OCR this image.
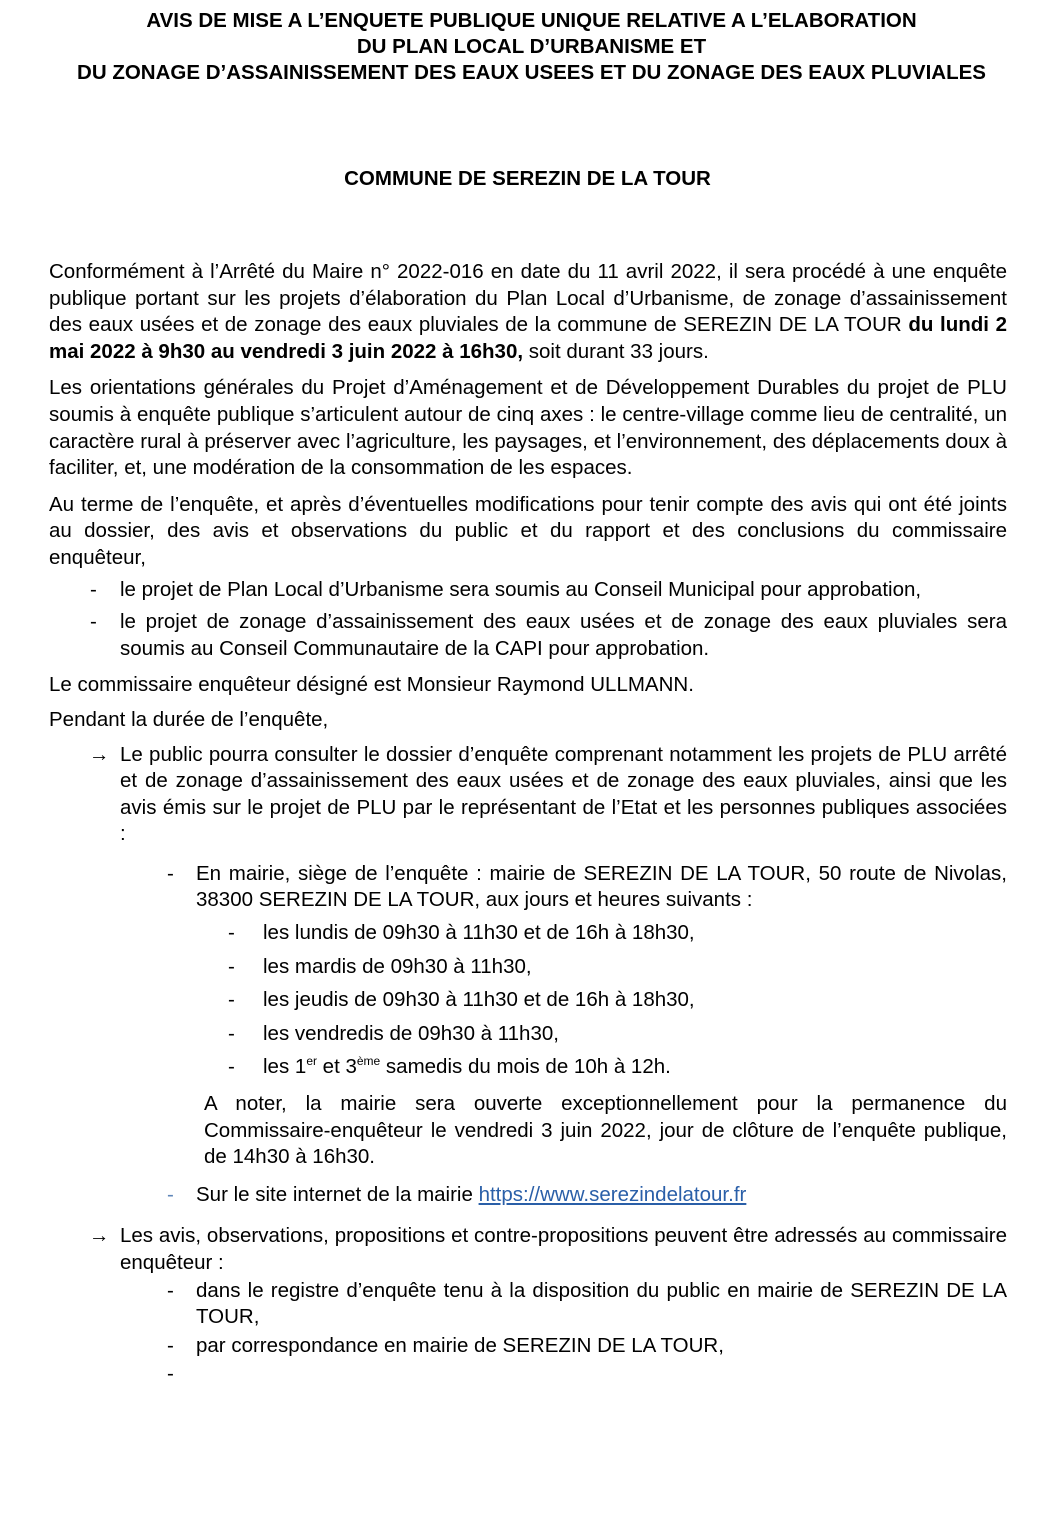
AVIS DE MISE A L’ENQUETE PUBLIQUE UNIQUE RELATIVE A L’ELABORATION
DU PLAN LOCAL D’URBANISME ET
DU ZONAGE D’ASSAINISSEMENT DES EAUX USEES ET DU ZONAGE DES EAUX PLUVIALES
COMMUNE DE SEREZIN DE LA TOUR

Conformément à l’Arrêté du Maire n° 2022-016 en date du 11 avril 2022, il sera procédé à une enquête publique portant sur les projets d’élaboration du Plan Local d’Urbanisme, de zonage d’assainissement des eaux usées et de zonage des eaux pluviales de la commune de SEREZIN DE LA TOUR du lundi 2 mai 2022 à 9h30 au vendredi 3 juin 2022 à 16h30, soit durant 33 jours.

Les orientations générales du Projet d’Aménagement et de Développement Durables du projet de PLU soumis à enquête publique s’articulent autour de cinq axes : le centre-village comme lieu de centralité, un caractère rural à préserver avec l’agriculture, les paysages, et l’environnement, des déplacements doux à faciliter, et, une modération de la consommation de les espaces.

Au terme de l’enquête, et après d’éventuelles modifications pour tenir compte des avis qui ont été joints au dossier, des avis et observations du public et du rapport et des conclusions du commissaire enquêteur,

- le projet de Plan Local d’Urbanisme sera soumis au Conseil Municipal pour approbation,
- le projet de zonage d’assainissement des eaux usées et de zonage des eaux pluviales sera soumis au Conseil Communautaire de la CAPI pour approbation.

Le commissaire enquêteur désigné est Monsieur Raymond ULLMANN.

Pendant la durée de l’enquête,

→ Le public pourra consulter le dossier d’enquête comprenant notamment les projets de PLU arrêté et de zonage d’assainissement des eaux usées et de zonage des eaux pluviales, ainsi que les avis émis sur le projet de PLU par le représentant de l’Etat et les personnes publiques associées :
- En mairie, siège de l’enquête : mairie de SEREZIN DE LA TOUR, 50 route de Nivolas, 38300 SEREZIN DE LA TOUR, aux jours et heures suivants :
- les lundis de 09h30 à 11h30 et de 16h à 18h30,
- les mardis de 09h30 à 11h30,
- les jeudis de 09h30 à 11h30 et de 16h à 18h30,
- les vendredis de 09h30 à 11h30,
- les 1er et 3ème samedis du mois de 10h à 12h.

A noter, la mairie sera ouverte exceptionnellement pour la permanence du Commissaire-enquêteur le vendredi 3 juin 2022, jour de clôture de l’enquête publique, de 14h30 à 16h30.

- Sur le site internet de la mairie https://www.serezindelatour.fr
→ Les avis, observations, propositions et contre-propositions peuvent être adressés au commissaire enquêteur :
- dans le registre d’enquête tenu à la disposition du public en mairie de SEREZIN DE LA TOUR,
- par correspondance en mairie de SEREZIN DE LA TOUR,
-
